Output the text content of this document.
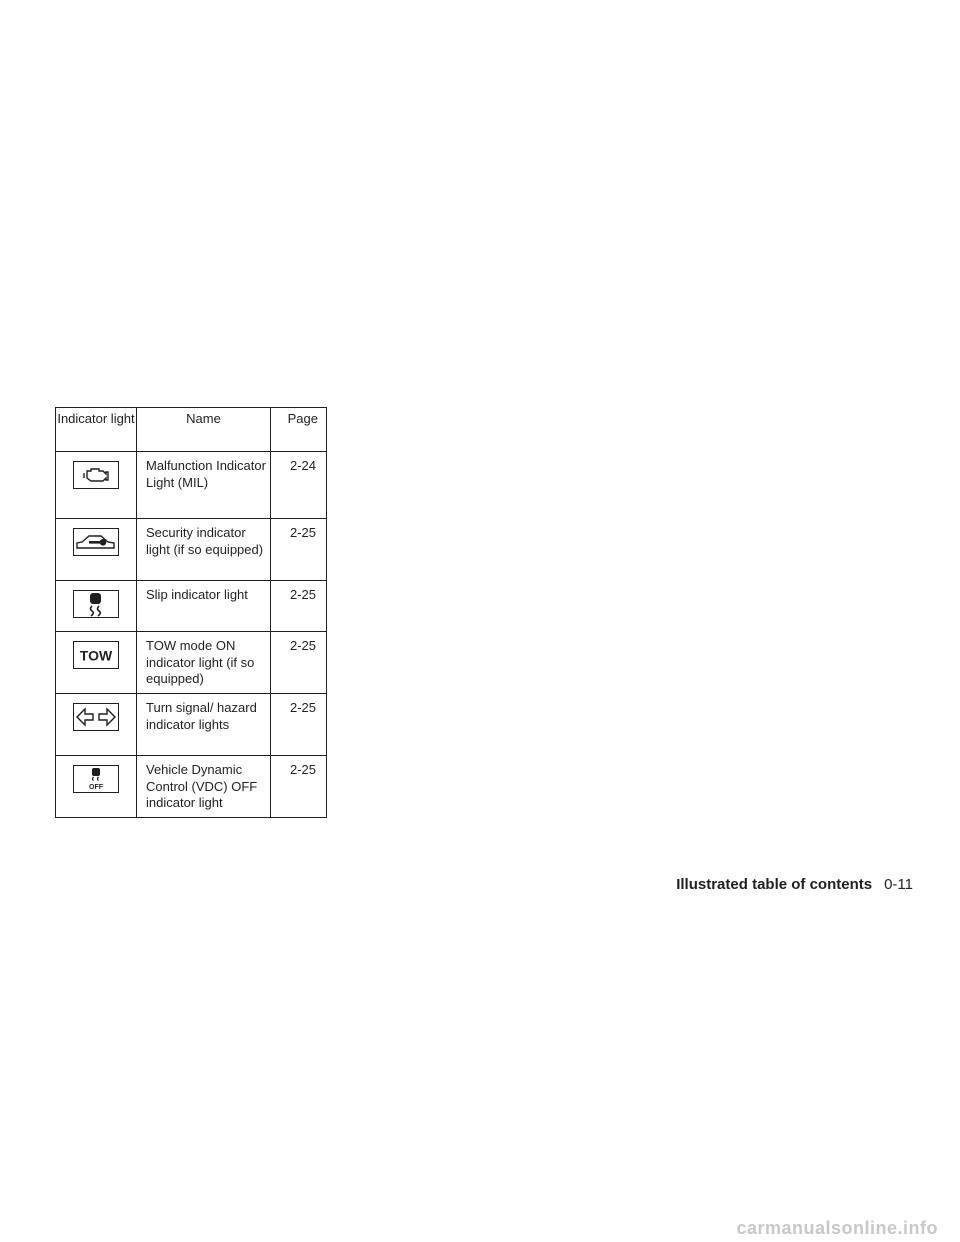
Indicator light	Name	Page

	Malfunction Indicator Light (MIL)	2-24

	Security indicator light (if so equipped)	2-25

	Slip indicator light	2-25

TOW	TOW mode ON indicator light (if so equipped)	2-25

	Turn signal/ hazard indicator lights	2-25

OFF	Vehicle Dynamic Control (VDC) OFF indicator light	2-25
Illustrated table of contents 0-11
carmanualsonline.info
